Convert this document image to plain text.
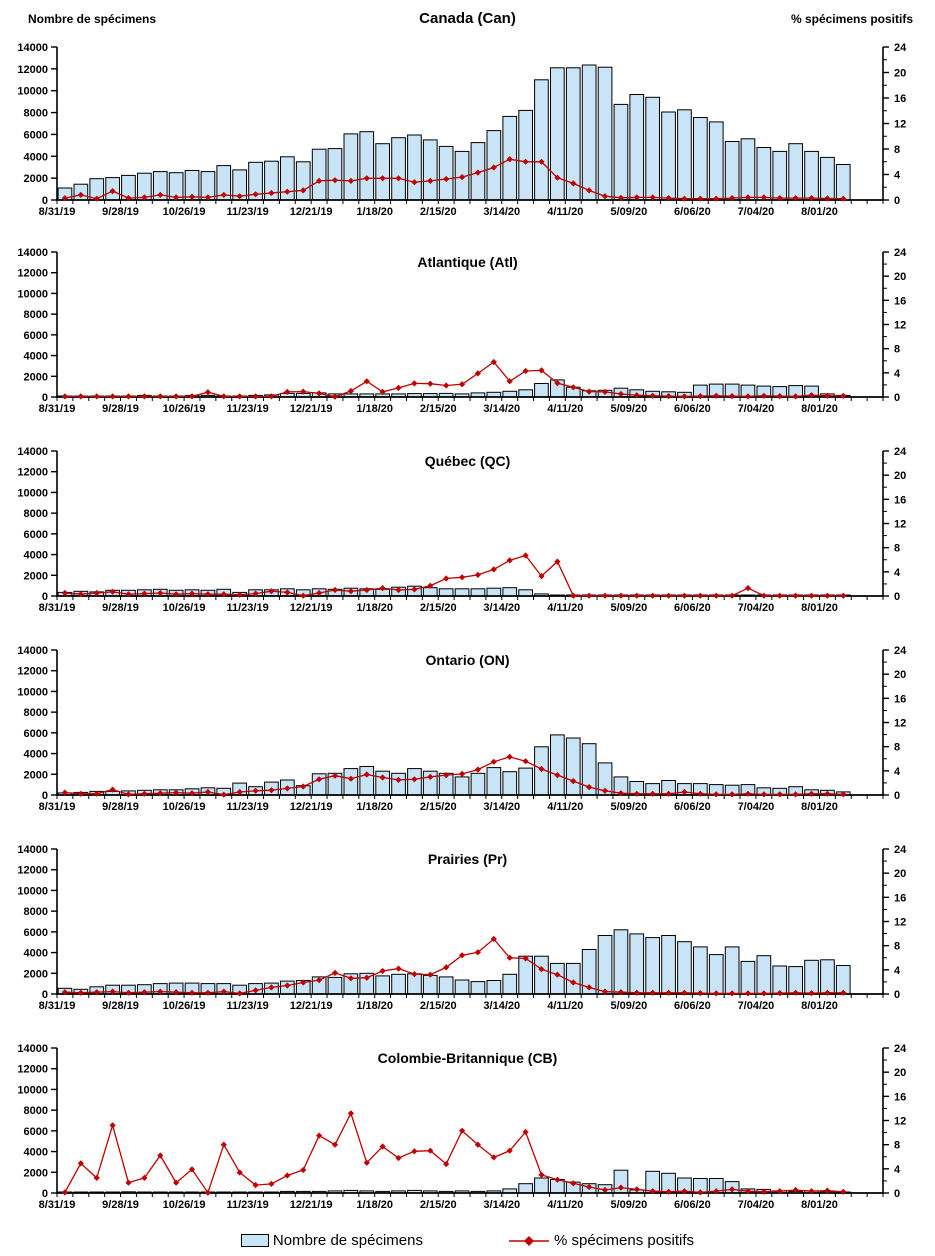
Nombre de spécimens	Canada (Can)	% spécimens positifs
0
2000
4000
6000
8000
10000
12000
14000
0
4
8
12
16
20
24
8/31/19 9/28/19 10/26/19 11/23/19 12/21/19 1/18/20 2/15/20 3/14/20 4/11/20 5/09/20 6/06/20 7/04/20 8/01/20
Atlantique (Atl)
0
2000
4000
6000
8000
10000
12000
14000
0
4
8
12
16
20
24
8/31/19 9/28/19 10/26/19 11/23/19 12/21/19 1/18/20 2/15/20 3/14/20 4/11/20 5/09/20 6/06/20 7/04/20 8/01/20
Québec (QC)
0
2000
4000
6000
8000
10000
12000
14000
0
4
8
12
16
20
24
8/31/19 9/28/19 10/26/19 11/23/19 12/21/19 1/18/20 2/15/20 3/14/20 4/11/20 5/09/20 6/06/20 7/04/20 8/01/20
Ontario (ON)
0
2000
4000
6000
8000
10000
12000
14000
0
4
8
12
16
20
24
8/31/19 9/28/19 10/26/19 11/23/19 12/21/19 1/18/20 2/15/20 3/14/20 4/11/20 5/09/20 6/06/20 7/04/20 8/01/20
Prairies (Pr)
0
2000
4000
6000
8000
10000
12000
14000
0
4
8
12
16
20
24
8/31/19 9/28/19 10/26/19 11/23/19 12/21/19 1/18/20 2/15/20 3/14/20 4/11/20 5/09/20 6/06/20 7/04/20 8/01/20
Colombie-Britannique (CB)
0
2000
4000
6000
8000
10000
12000
14000
0
4
8
12
16
20
24
8/31/19 9/28/19 10/26/19 11/23/19 12/21/19 1/18/20 2/15/20 3/14/20 4/11/20 5/09/20 6/06/20 7/04/20 8/01/20
Nombre de spécimens	% spécimens positifs
